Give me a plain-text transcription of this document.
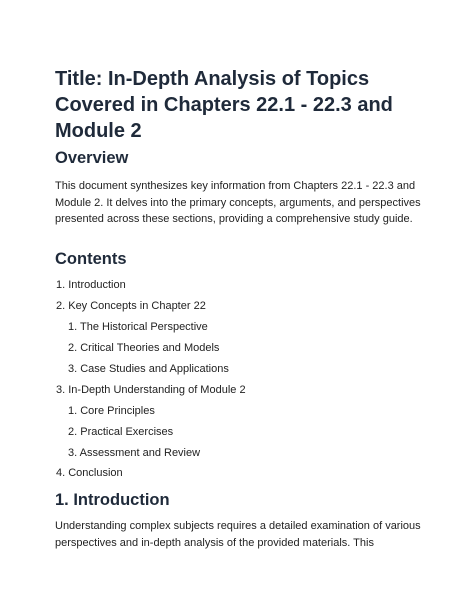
Title: In-Depth Analysis of Topics Covered in Chapters 22.1 - 22.3 and Module 2
Overview

This document synthesizes key information from Chapters 22.1 - 22.3 and Module 2. It delves into the primary concepts, arguments, and perspectives presented across these sections, providing a comprehensive study guide.

Contents
1. Introduction
2. Key Concepts in Chapter 22
1. The Historical Perspective
2. Critical Theories and Models
3. Case Studies and Applications
3. In-Depth Understanding of Module 2
1. Core Principles
2. Practical Exercises
3. Assessment and Review
4. Conclusion
1. Introduction

Understanding complex subjects requires a detailed examination of various perspectives and in-depth analysis of the provided materials. This
